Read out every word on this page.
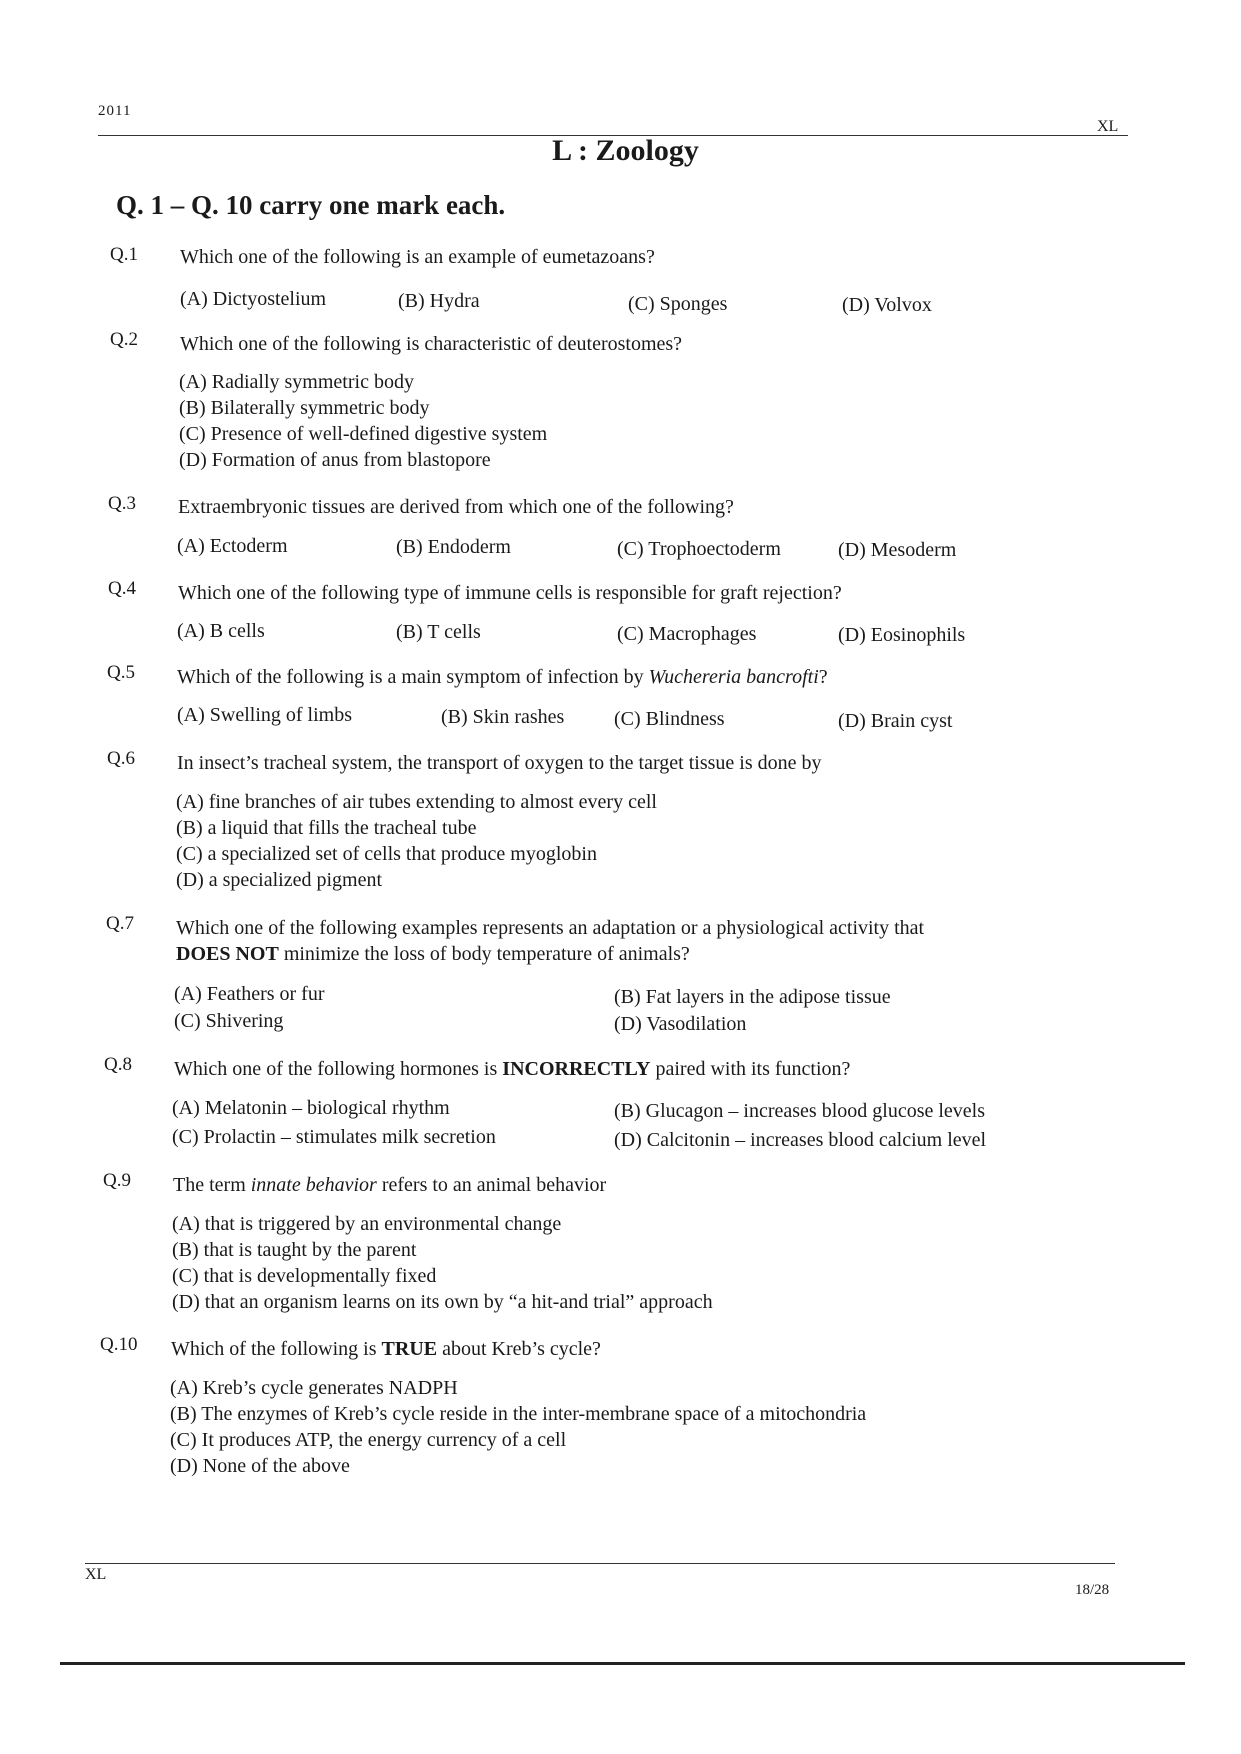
2011
XL
L : Zoology
Q. 1 – Q. 10 carry one mark each.
Q.1 Which one of the following is an example of eumetazoans?
(A) Dictyostelium	(B) Hydra	(C) Sponges	(D) Volvox
Q.2 Which one of the following is characteristic of deuterostomes?
(A) Radially symmetric body
(B) Bilaterally symmetric body
(C) Presence of well-defined digestive system
(D) Formation of anus from blastopore
Q.3 Extraembryonic tissues are derived from which one of the following?
(A) Ectoderm	(B) Endoderm	(C) Trophoectoderm	(D) Mesoderm
Q.4 Which one of the following type of immune cells is responsible for graft rejection?
(A) B cells	(B) T cells	(C) Macrophages	(D) Eosinophils
Q.5 Which of the following is a main symptom of infection by Wuchereria bancrofti?
(A) Swelling of limbs	(B) Skin rashes (C) Blindness	(D) Brain cyst
Q.6 In insect’s tracheal system, the transport of oxygen to the target tissue is done by
(A) fine branches of air tubes extending to almost every cell
(B) a liquid that fills the tracheal tube
(C) a specialized set of cells that produce myoglobin
(D) a specialized pigment
Q.7 Which one of the following examples represents an adaptation or a physiological activity that
DOES NOT minimize the loss of body temperature of animals?
(A) Feathers or fur	(B) Fat layers in the adipose tissue
(C) Shivering	(D) Vasodilation
Q.8 Which one of the following hormones is INCORRECTLY paired with its function?
(A) Melatonin – biological rhythm	(B) Glucagon – increases blood glucose levels
(C) Prolactin – stimulates milk secretion	(D) Calcitonin – increases blood calcium level
Q.9 The term innate behavior refers to an animal behavior
(A) that is triggered by an environmental change
(B) that is taught by the parent
(C) that is developmentally fixed
(D) that an organism learns on its own by “a hit-and trial” approach
Q.10 Which of the following is TRUE about Kreb’s cycle?
(A) Kreb’s cycle generates NADPH
(B) The enzymes of Kreb’s cycle reside in the inter-membrane space of a mitochondria
(C) It produces ATP, the energy currency of a cell
(D) None of the above
XL
18/28
